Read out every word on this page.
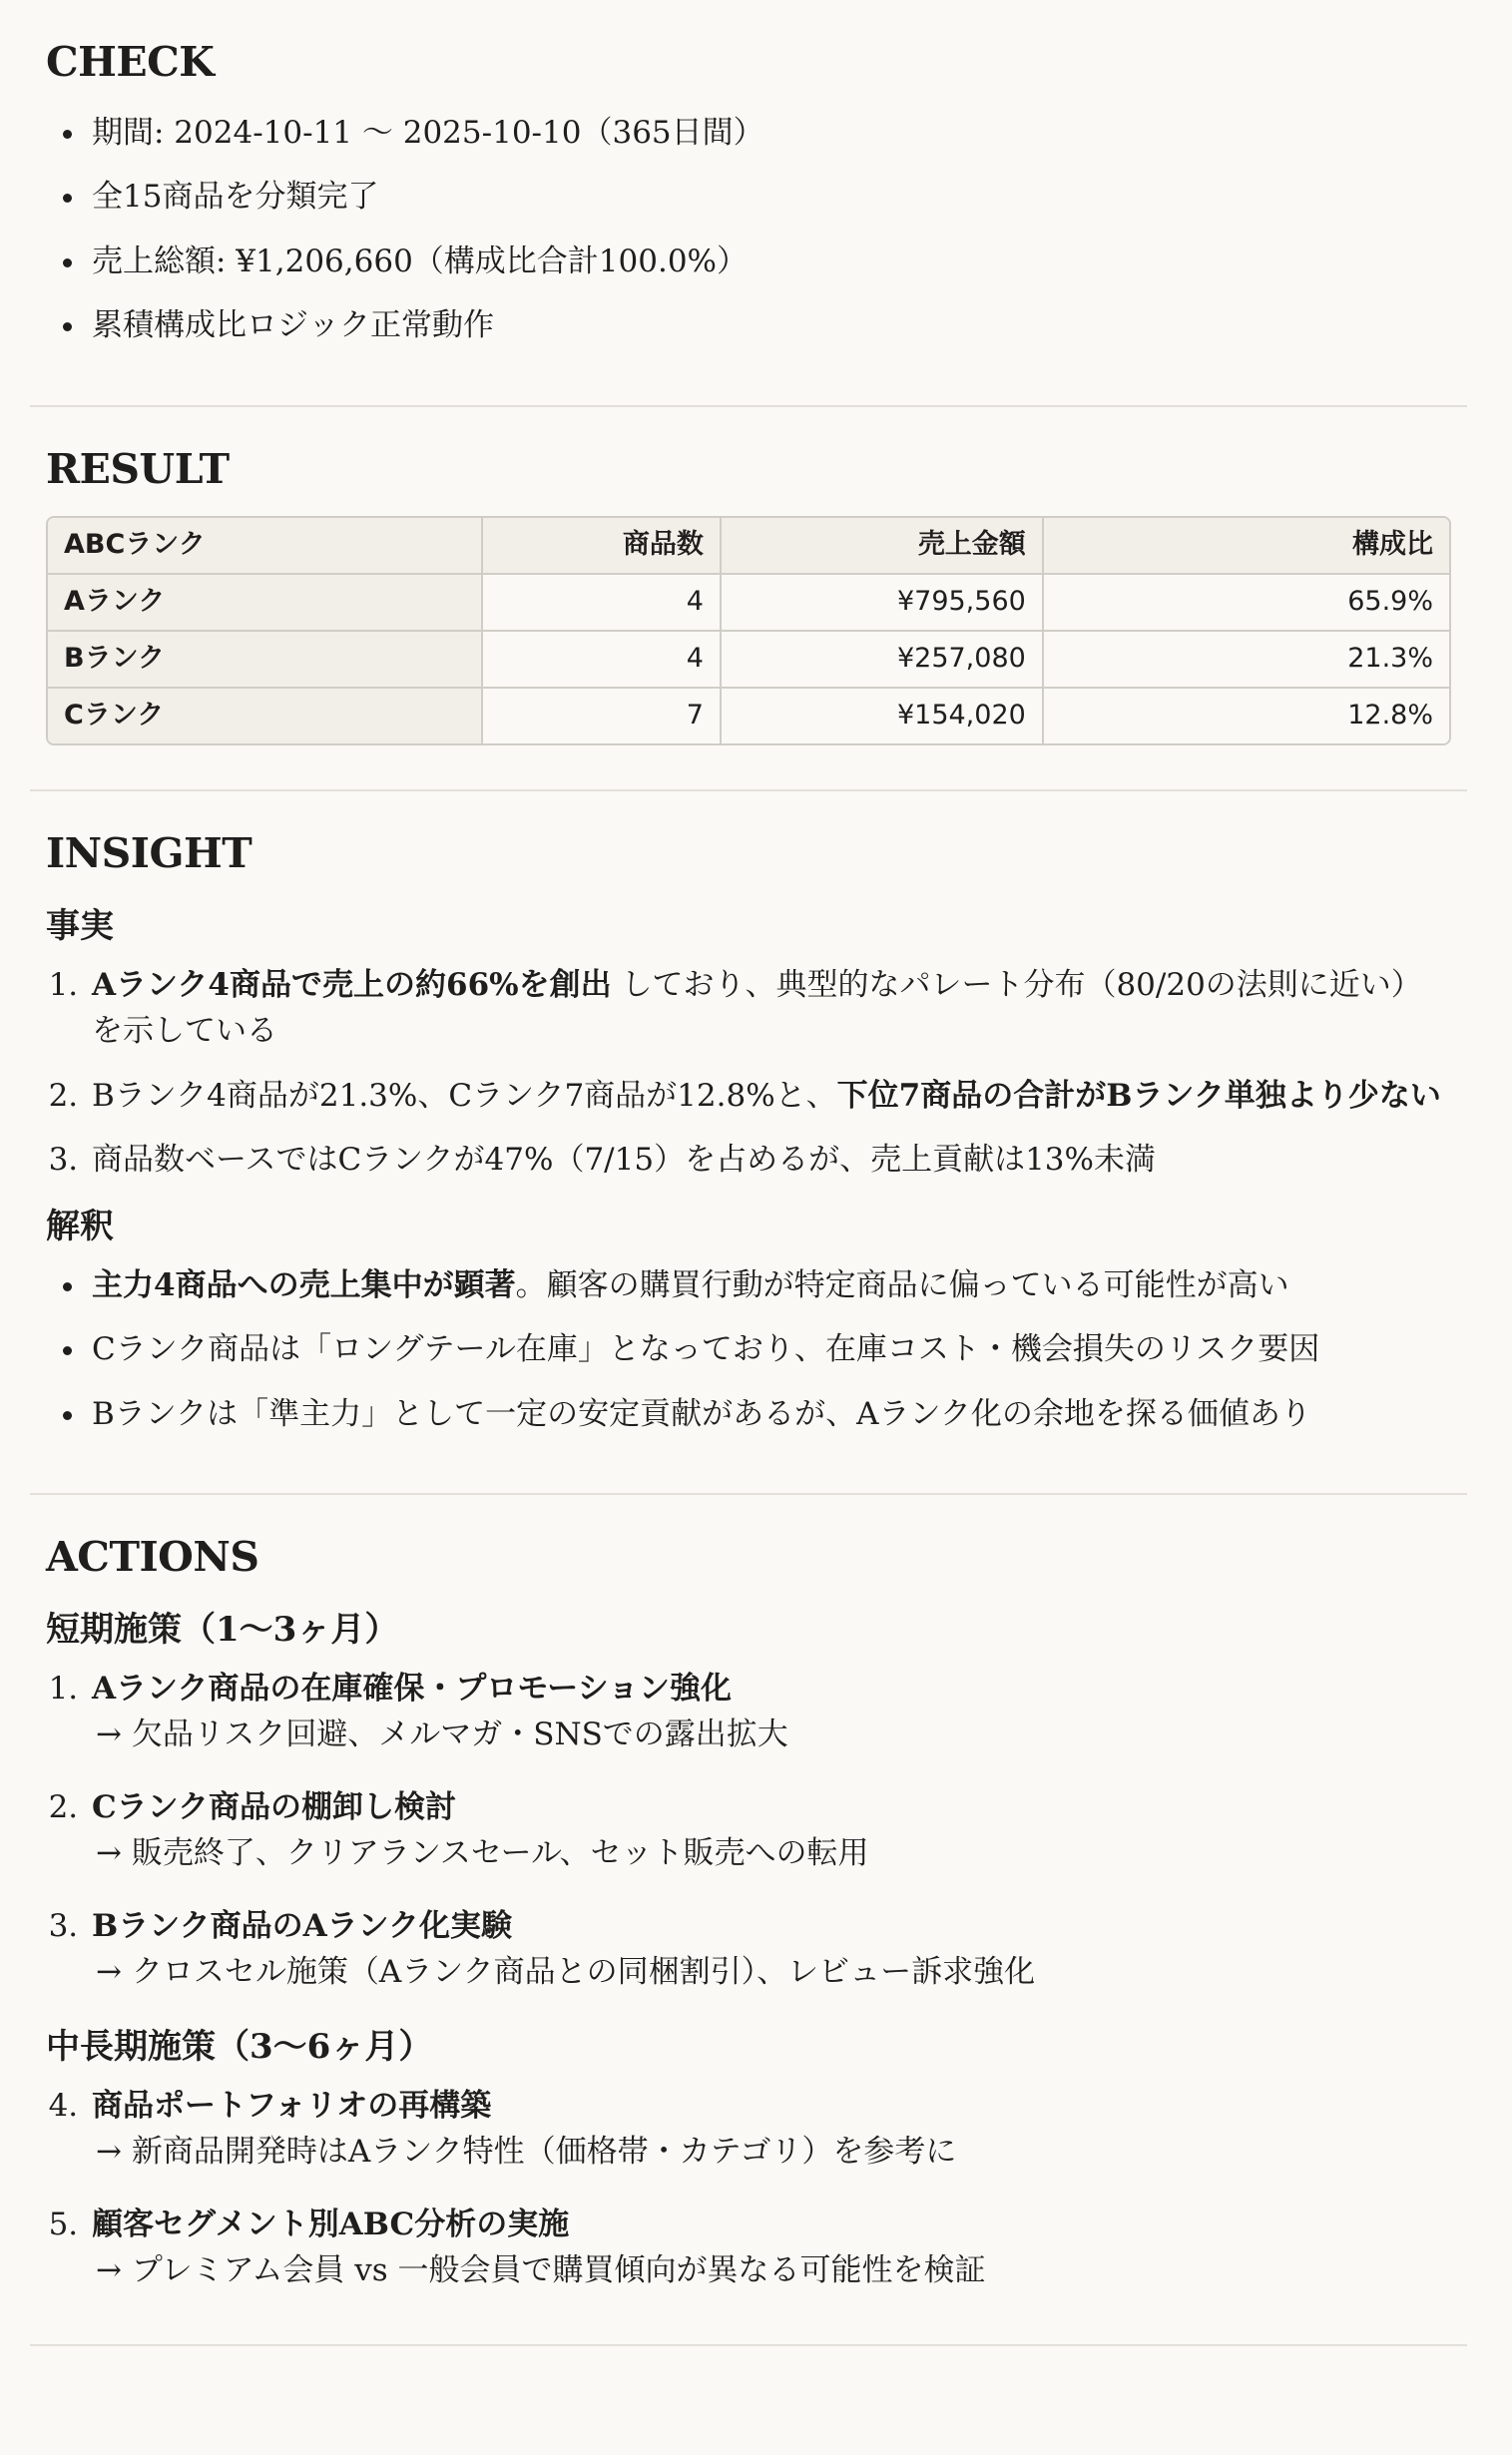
CHECK
• 期間: 2024-10-11 〜 2025-10-10（365日間）
• 全15商品を分類完了
• 売上総額: ¥1,206,660（構成比合計100.0%）
• 累積構成比ロジック正常動作
RESULT
ABCランク	商品数	売上金額	構成比
Aランク	4	¥795,560	65.9%
Bランク	4	¥257,080	21.3%
Cランク	7	¥154,020	12.8%
INSIGHT
事実
1. Aランク4商品で売上の約66%を創出 しており、典型的なパレート分布（80/20の法則に近い）を示している
2. Bランク4商品が21.3%、Cランク7商品が12.8%と、下位7商品の合計がBランク単独より少ない
3. 商品数ベースではCランクが47%（7/15）を占めるが、売上貢献は13%未満
解釈
• 主力4商品への売上集中が顕著。顧客の購買行動が特定商品に偏っている可能性が高い
• Cランク商品は「ロングテール在庫」となっており、在庫コスト・機会損失のリスク要因
• Bランクは「準主力」として一定の安定貢献があるが、Aランク化の余地を探る価値あり
ACTIONS
短期施策（1〜3ヶ月）
1. Aランク商品の在庫確保・プロモーション強化
→ 欠品リスク回避、メルマガ・SNSでの露出拡大
2. Cランク商品の棚卸し検討
→ 販売終了、クリアランスセール、セット販売への転用
3. Bランク商品のAランク化実験
→ クロスセル施策（Aランク商品との同梱割引）、レビュー訴求強化
中長期施策（3〜6ヶ月）
4. 商品ポートフォリオの再構築
→ 新商品開発時はAランク特性（価格帯・カテゴリ）を参考に
5. 顧客セグメント別ABC分析の実施
→ プレミアム会員 vs 一般会員で購買傾向が異なる可能性を検証
